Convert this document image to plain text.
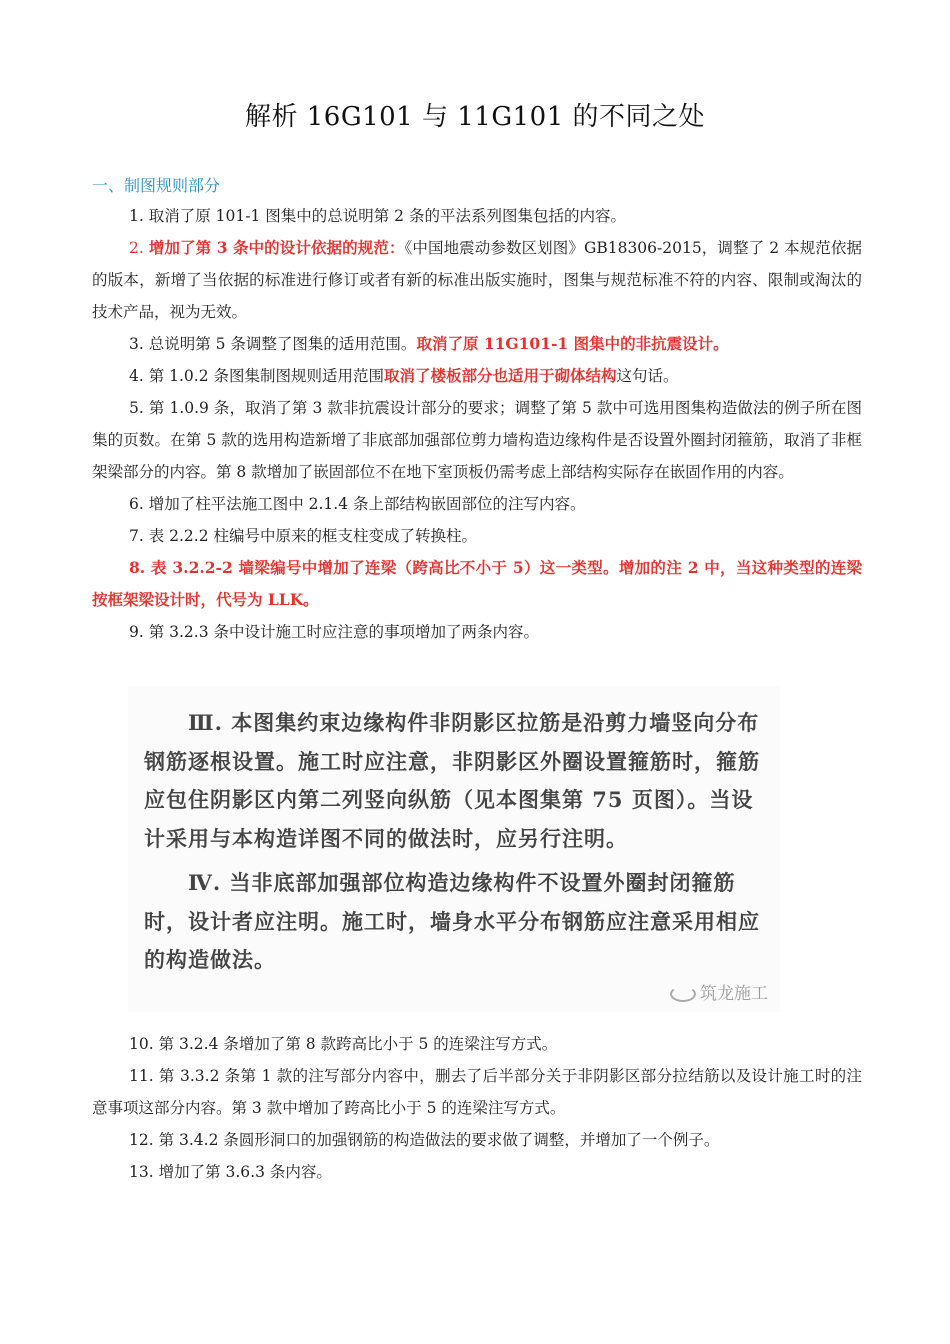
解析 16G101 与 11G101 的不同之处
一、制图规则部分

1. 取消了原 101-1 图集中的总说明第 2 条的平法系列图集包括的内容。

2. 增加了第 3 条中的设计依据的规范：《中国地震动参数区划图》GB18306-2015，调整了 2 本规范依据的版本，新增了当依据的标准进行修订或者有新的标准出版实施时，图集与规范标准不符的内容、限制或淘汰的技术产品，视为无效。

3. 总说明第 5 条调整了图集的适用范围。取消了原 11G101-1 图集中的非抗震设计。

4. 第 1.0.2 条图集制图规则适用范围取消了楼板部分也适用于砌体结构这句话。

5. 第 1.0.9 条，取消了第 3 款非抗震设计部分的要求；调整了第 5 款中可选用图集构造做法的例子所在图集的页数。在第 5 款的选用构造新增了非底部加强部位剪力墙构造边缘构件是否设置外圈封闭箍筋，取消了非框架梁部分的内容。第 8 款增加了嵌固部位不在地下室顶板仍需考虑上部结构实际存在嵌固作用的内容。

6. 增加了柱平法施工图中 2.1.4 条上部结构嵌固部位的注写内容。

7. 表 2.2.2 柱编号中原来的框支柱变成了转换柱。

8. 表 3.2.2-2 墙梁编号中增加了连梁（跨高比不小于 5）这一类型。增加的注 2 中，当这种类型的连梁按框架梁设计时，代号为 LLK。

9. 第 3.2.3 条中设计施工时应注意的事项增加了两条内容。

Ⅲ. 本图集约束边缘构件非阴影区拉筋是沿剪力墙竖向分布钢筋逐根设置。施工时应注意，非阴影区外圈设置箍筋时，箍筋应包住阴影区内第二列竖向纵筋（见本图集第 75 页图）。当设计采用与本构造详图不同的做法时，应另行注明。

Ⅳ. 当非底部加强部位构造边缘构件不设置外圈封闭箍筋时，设计者应注明。施工时，墙身水平分布钢筋应注意采用相应的构造做法。

筑龙施工

10. 第 3.2.4 条增加了第 8 款跨高比小于 5 的连梁注写方式。

11. 第 3.3.2 条第 1 款的注写部分内容中，删去了后半部分关于非阴影区部分拉结筋以及设计施工时的注意事项这部分内容。第 3 款中增加了跨高比小于 5 的连梁注写方式。

12. 第 3.4.2 条圆形洞口的加强钢筋的构造做法的要求做了调整，并增加了一个例子。

13. 增加了第 3.6.3 条内容。
